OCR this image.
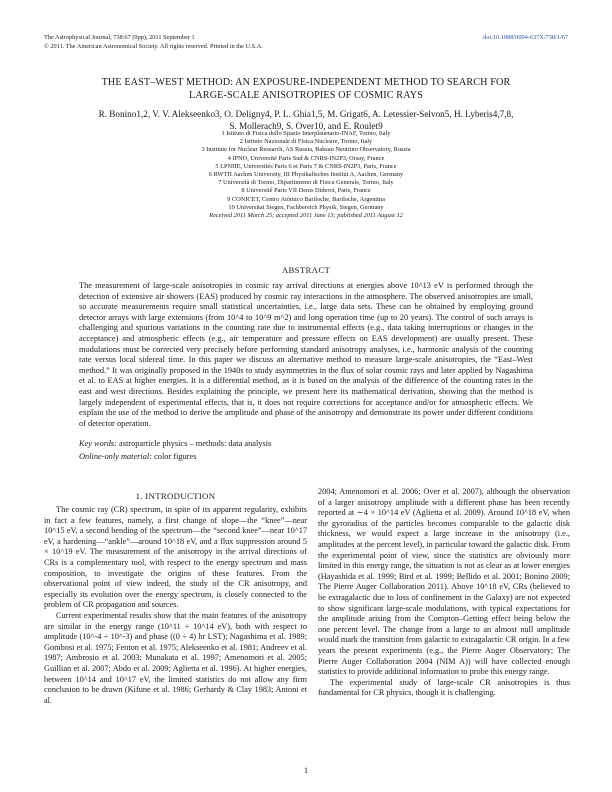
The Astrophysical Journal, 738:67 (9pp), 2011 September 1
© 2011. The American Astronomical Society. All rights reserved. Printed in the U.S.A.
doi:10.1088/0004-637X/738/1/67
THE EAST–WEST METHOD: AN EXPOSURE-INDEPENDENT METHOD TO SEARCH FOR
LARGE-SCALE ANISOTROPIES OF COSMIC RAYS
R. Bonino1,2, V. V. Alekseenko3, O. Deligny4, P. L. Ghia1,5, M. Grigat6, A. Letessier-Selvon5, H. Lyberis4,7,8,
S. Mollerach9, S. Over10, and E. Roulet9
1 Istituto di Fisica dello Spazio Interplanetario-INAF, Torino, Italy
2 Istituto Nazionale di Fisica Nucleare, Torino, Italy
3 Institute for Nuclear Research, AS Russia, Baksan Neutrino Observatory, Russia
4 IPNO, Université Paris Sud & CNRS-IN2P3, Orsay, France
5 LPNHE, Universités Paris 6 et Paris 7 & CNRS-IN2P3, Paris, France
6 RWTH Aachen University, III Physikalisches Institut A, Aachen, Germany
7 Università di Torino, Dipartimento di Fisica Generale, Torino, Italy
8 Université Paris VII Denis Diderot, Paris, France
9 CONICET, Centro Atómico Bariloche, Bariloche, Argentina
10 Universitat Siegen, Fachbereich Physik, Siegen, Germany
Received 2011 March 25; accepted 2011 June 13; published 2011 August 12
ABSTRACT
The measurement of large-scale anisotropies in cosmic ray arrival directions at energies above 10^13 eV is performed through the detection of extensive air showers (EAS) produced by cosmic ray interactions in the atmosphere. The observed anisotropies are small, so accurate measurements require small statistical uncertainties, i.e., large data sets. These can be obtained by employing ground detector arrays with large extensions (from 10^4 to 10^9 m^2) and long operation time (up to 20 years). The control of such arrays is challenging and spurious variations in the counting rate due to instrumental effects (e.g., data taking interruptions or changes in the acceptance) and atmospheric effects (e.g., air temperature and pressure effects on EAS development) are usually present. These modulations must be corrected very precisely before performing standard anisotropy analyses, i.e., harmonic analysis of the counting rate versus local sidereal time. In this paper we discuss an alternative method to measure large-scale anisotropies, the “East–West method.” It was originally proposed in the 1940s to study asymmetries in the flux of solar cosmic rays and later applied by Nagashima et al. to EAS at higher energies. It is a differential method, as it is based on the analysis of the difference of the counting rates in the east and west directions. Besides explaining the principle, we present here its mathematical derivation, showing that the method is largely independent of experimental effects, that is, it does not require corrections for acceptance and/or for atmospheric effects. We explain the use of the method to derive the amplitude and phase of the anisotropy and demonstrate its power under different conditions of detector operation.
Key words: astroparticle physics – methods: data analysis
Online-only material: color figures
1. INTRODUCTION

The cosmic ray (CR) spectrum, in spite of its apparent regularity, exhibits in fact a few features, namely, a first change of slope—the “knee”—near 10^15 eV, a second bending of the spectrum—the “second knee”—near 10^17 eV, a hardening—“ankle”—around 10^18 eV, and a flux suppression around 5 × 10^19 eV. The measurement of the anisotropy in the arrival directions of CRs is a complementary tool, with respect to the energy spectrum and mass composition, to investigate the origins of these features. From the observational point of view indeed, the study of the CR anisotropy, and especially its evolution over the energy spectrum, is closely connected to the problem of CR propagation and sources.

Current experimental results show that the main features of the anisotropy are similar in the energy range (10^11 ÷ 10^14 eV), both with respect to amplitude (10^-4 ÷ 10^-3) and phase ((0 ÷ 4) hr LST); Nagashima et al. 1989; Gombosi et al. 1975; Fenton et al. 1975; Alekseenko et al. 1981; Andreev et al. 1987; Ambrosio et al. 2003; Munakata et al. 1997; Amenomori et al. 2005; Guillian et al. 2007; Abdo et al. 2009; Aglietta et al. 1996). At higher energies, between 10^14 and 10^17 eV, the limited statistics do not allow any firm conclusion to be drawn (Kifune et al. 1986; Gerhardy & Clay 1983; Antoni et al.

2004; Amenomori et al. 2006; Over et al. 2007), although the observation of a larger anisotropy amplitude with a different phase has been recently reported at ∼4 × 10^14 eV (Aglietta et al. 2009). Around 10^18 eV, when the gyroradius of the particles becomes comparable to the galactic disk thickness, we would expect a large increase in the anisotropy (i.e., amplitudes at the percent level), in particular toward the galactic disk. From the experimental point of view, since the statistics are obviously more limited in this energy range, the situation is not as clear as at lower energies (Hayashida et al. 1999; Bird et al. 1999; Bellido et al. 2001; Bonino 2009; The Pierre Auger Collaboration 2011). Above 10^18 eV, CRs (believed to be extragalactic due to loss of confinement in the Galaxy) are not expected to show significant large-scale modulations, with typical expectations for the amplitude arising from the Compton–Getting effect being below the one percent level. The change from a large to an almost null amplitude would mark the transition from galactic to extragalactic CR origin. In a few years the present experiments (e.g., the Pierre Auger Observatory; The Pierre Auger Collaboration 2004 (NIM A)) will have collected enough statistics to provide additional information to probe this energy range.

The experimental study of large-scale CR anisotropies is thus fundamental for CR physics, though it is challenging.

1
